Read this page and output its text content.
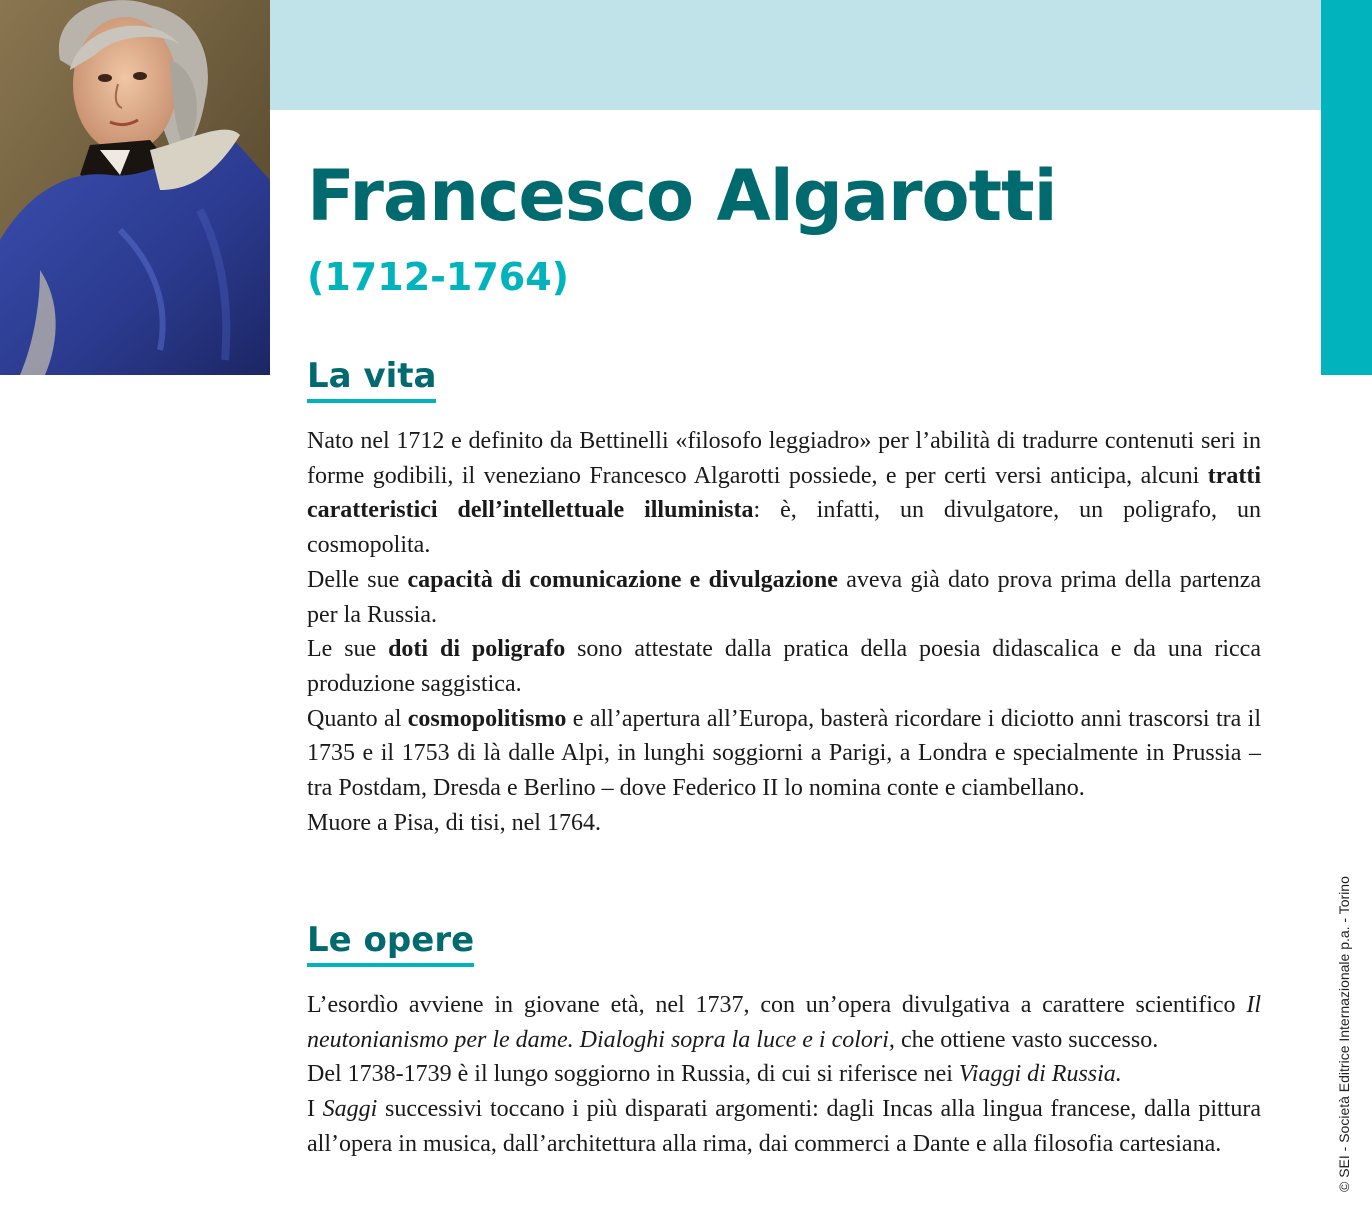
Francesco Algarotti
(1712-1764)
La vita

Nato nel 1712 e definito da Bettinelli «filosofo leggiadro» per l’abilità di tradurre contenuti seri in forme godibili, il veneziano Francesco Algarotti possiede, e per certi versi anticipa, alcuni tratti caratteristici dell’intellettuale illuminista: è, infatti, un divulgatore, un poligrafo, un cosmopolita.

Delle sue capacità di comunicazione e divulgazione aveva già dato prova prima della partenza per la Russia.

Le sue doti di poligrafo sono attestate dalla pratica della poesia didascalica e da una ricca produzione saggistica.

Quanto al cosmopolitismo e all’apertura all’Europa, basterà ricordare i diciotto anni trascorsi tra il 1735 e il 1753 di là dalle Alpi, in lunghi soggiorni a Parigi, a Londra e specialmente in Prussia – tra Postdam, Dresda e Berlino – dove Federico II lo nomina conte e ciambellano.

Muore a Pisa, di tisi, nel 1764.

Le opere

L’esordìo avviene in giovane età, nel 1737, con un’opera divulgativa a carattere scientifico Il neutonianismo per le dame. Dialoghi sopra la luce e i colori, che ottiene vasto successo.

Del 1738-1739 è il lungo soggiorno in Russia, di cui si riferisce nei Viaggi di Russia.

I Saggi successivi toccano i più disparati argomenti: dagli Incas alla lingua francese, dalla pittura all’opera in musica, dall’architettura alla rima, dai commerci a Dante e alla filosofia cartesiana.	© SEI - Società Editrice Internazionale p.a. - Torino
